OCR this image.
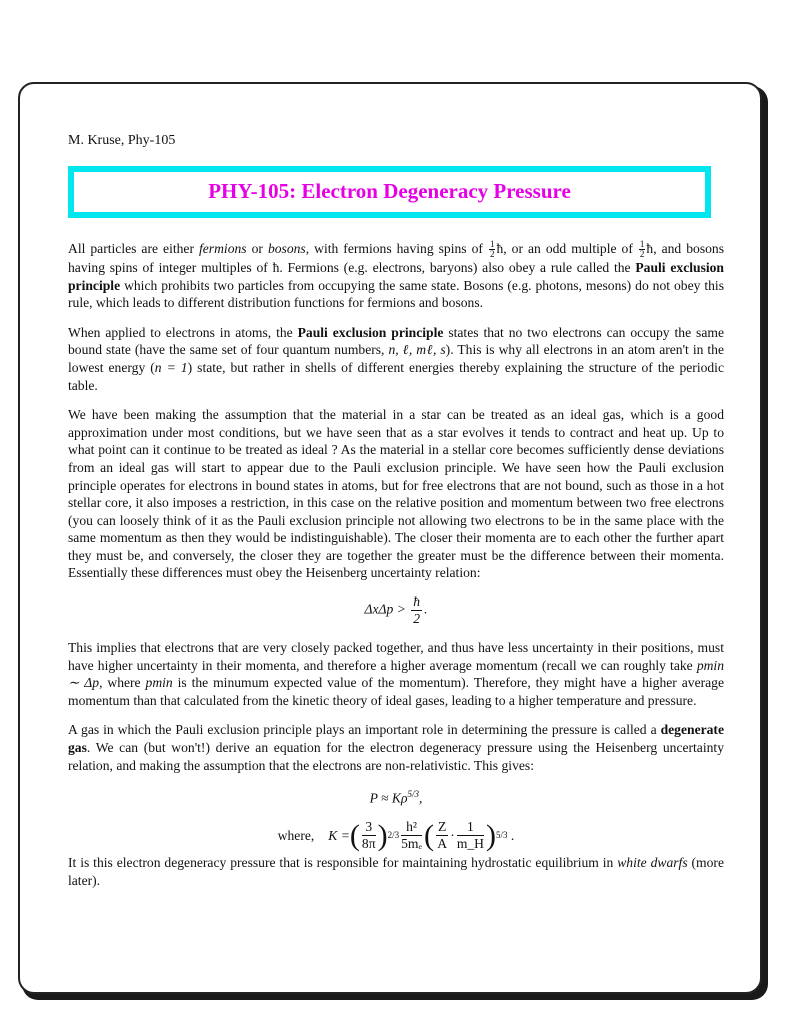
M. Kruse, Phy-105
PHY-105: Electron Degeneracy Pressure

All particles are either fermions or bosons, with fermions having spins of $\frac{1}{2}$ ħ, or an odd multiple of $\frac{1}{2}$ ħ, and bosons having spins of integer multiples of ħ. Fermions (e.g. electrons, baryons) also obey a rule called the Pauli exclusion principle which prohibits two particles from occupying the same state. Bosons (e.g. photons, mesons) do not obey this rule, which leads to different distribution functions for fermions and bosons.

When applied to electrons in atoms, the Pauli exclusion principle states that no two electrons can occupy the same bound state (have the same set of four quantum numbers, n, ℓ, mℓ, s). This is why all electrons in an atom aren't in the lowest energy (n = 1) state, but rather in shells of different energies thereby explaining the structure of the periodic table.

We have been making the assumption that the material in a star can be treated as an ideal gas, which is a good approximation under most conditions, but we have seen that as a star evolves it tends to contract and heat up. Up to what point can it continue to be treated as ideal ? As the material in a stellar core becomes sufficiently dense deviations from an ideal gas will start to appear due to the Pauli exclusion principle. We have seen how the Pauli exclusion principle operates for electrons in bound states in atoms, but for free electrons that are not bound, such as those in a hot stellar core, it also imposes a restriction, in this case on the relative position and momentum between two free electrons (you can loosely think of it as the Pauli exclusion principle not allowing two electrons to be in the same place with the same momentum as then they would be indistinguishable). The closer their momenta are to each other the further apart they must be, and conversely, the closer they are together the greater must be the difference between their momenta. Essentially these differences must obey the Heisenberg uncertainty relation:

$\Delta x\Delta p > \frac{ħ}{2}$ .

This implies that electrons that are very closely packed together, and thus have less uncertainty in their positions, must have higher uncertainty in their momenta, and therefore a higher average momentum (recall we can roughly take pmin ∼ Δp, where pmin is the minumum expected value of the momentum). Therefore, they might have a higher average momentum than that calculated from the kinetic theory of ideal gases, leading to a higher temperature and pressure.

A gas in which the Pauli exclusion principle plays an important role in determining the pressure is called a degenerate gas. We can (but won't!) derive an equation for the electron degeneracy pressure using the Heisenberg uncertainty relation, and making the assumption that the electrons are non-relativistic. This gives:

$P \approx K\rho^{5/3}$,
where, K = ( $\frac{3}{8\pi}$ ) $2/3 \frac{\text{h²}}{\text{5mₑ}}$ ( $\frac{Z}{A} \cdot \frac{1}{m\_H}$ ) 5/3 .

It is this electron degeneracy pressure that is responsible for maintaining hydrostatic equilibrium in white dwarfs (more later).
